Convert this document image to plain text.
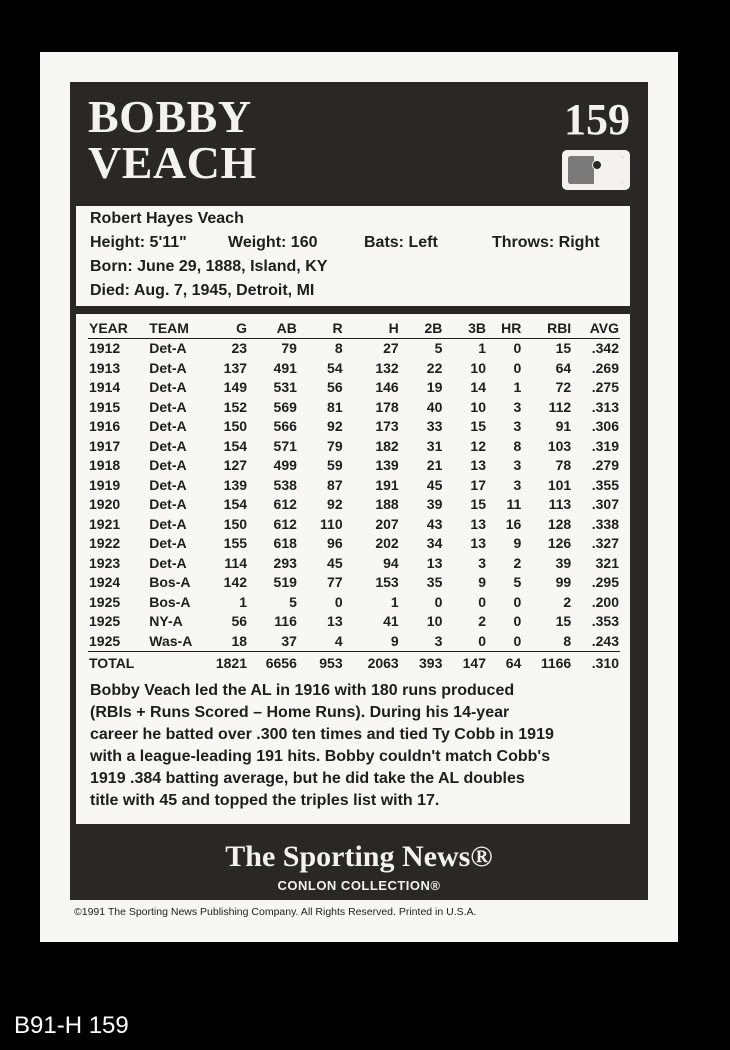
BOBBY
VEACH
159
Robert Hayes Veach
Height: 5'11"	Weight: 160	Bats: Left	Throws: Right
Born: June 29, 1888, Island, KY
Died: Aug. 7, 1945, Detroit, MI
YEAR	TEAM	G	AB	R	H	2B	3B	HR	RBI	AVG
1912	Det-A	23	79	8	27	5	1	0	15	.342
1913	Det-A	137	491	54	132	22	10	0	64	.269
1914	Det-A	149	531	56	146	19	14	1	72	.275
1915	Det-A	152	569	81	178	40	10	3	112	.313
1916	Det-A	150	566	92	173	33	15	3	91	.306
1917	Det-A	154	571	79	182	31	12	8	103	.319
1918	Det-A	127	499	59	139	21	13	3	78	.279
1919	Det-A	139	538	87	191	45	17	3	101	.355
1920	Det-A	154	612	92	188	39	15	11	113	.307
1921	Det-A	150	612	110	207	43	13	16	128	.338
1922	Det-A	155	618	96	202	34	13	9	126	.327
1923	Det-A	114	293	45	94	13	3	2	39	321
1924	Bos-A	142	519	77	153	35	9	5	99	.295
1925	Bos-A	1	5	0	1	0	0	0	2	.200
1925	NY-A	56	116	13	41	10	2	0	15	.353
1925	Was-A	18	37	4	9	3	0	0	8	.243
TOTAL		1821	6656	953	2063	393	147	64	1166	.310
Bobby Veach led the AL in 1916 with 180 runs produced
(RBIs + Runs Scored – Home Runs). During his 14-year
career he batted over .300 ten times and tied Ty Cobb in 1919
with a league-leading 191 hits. Bobby couldn't match Cobb's
1919 .384 batting average, but he did take the AL doubles
title with 45 and topped the triples list with 17.
The Sporting News®
CONLON COLLECTION®
©1991 The Sporting News Publishing Company. All Rights Reserved. Printed in U.S.A.
B91-H 159
